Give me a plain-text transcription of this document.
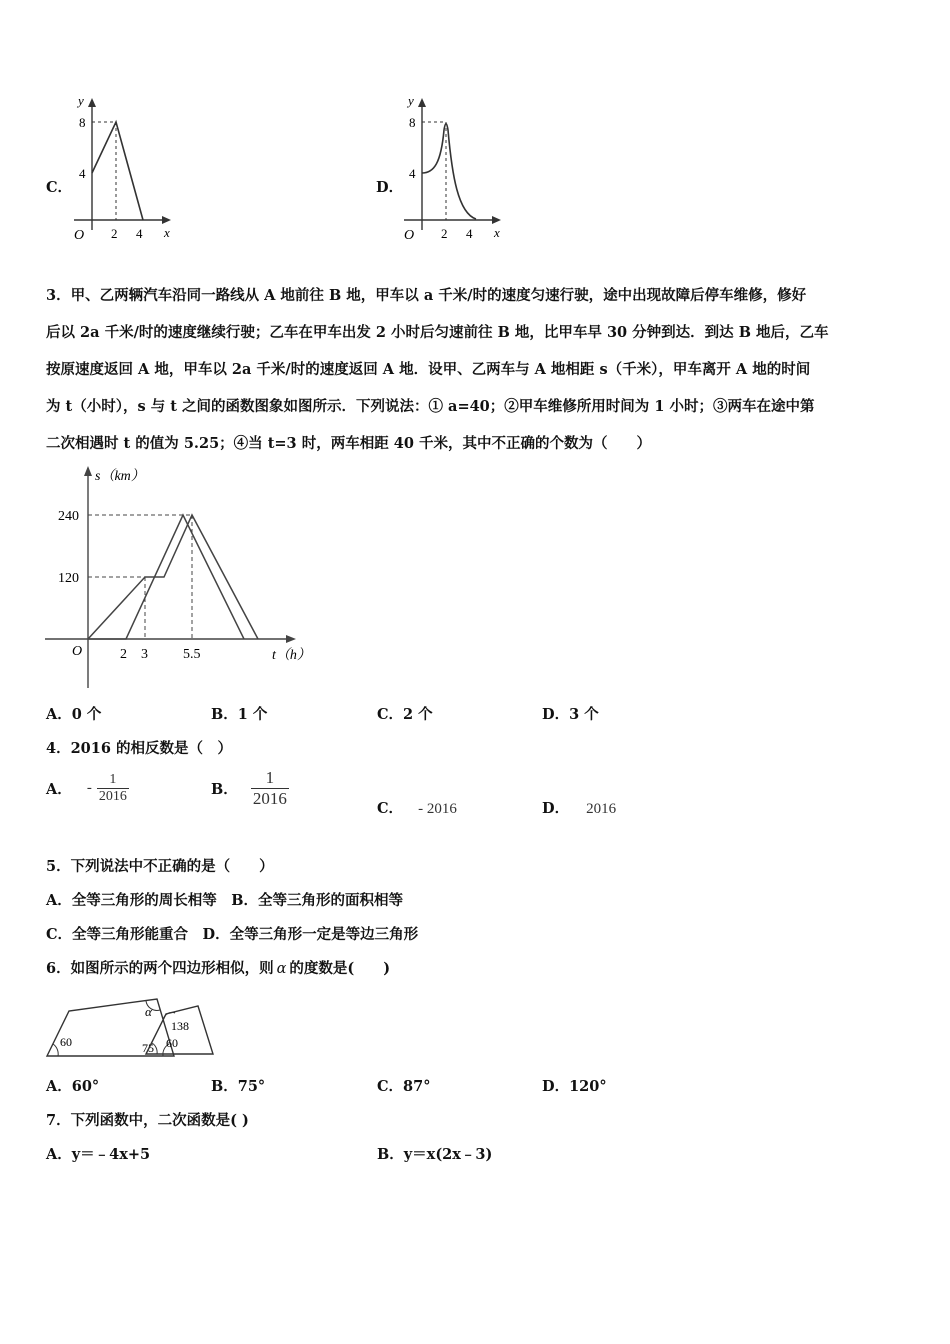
C．
y
x
O
8
4
2 4
D．
y
x
O
8
4
2 4
3．甲、乙两辆汽车沿同一路线从 A 地前往 B 地，甲车以 a 千米/时的速度匀速行驶，途中出现故障后停车维修，修好
后以 2a 千米/时的速度继续行驶；乙车在甲车出发 2 小时后匀速前往 B 地，比甲车早 30 分钟到达．到达 B 地后，乙车
按原速度返回 A 地，甲车以 2a 千米/时的速度返回 A 地．设甲、乙两车与 A 地相距 s（千米），甲车离开 A 地的时间
为 t（小时），s 与 t 之间的函数图象如图所示．下列说法：① a=40；②甲车维修所用时间为 1 小时；③两车在途中第
二次相遇时 t 的值为 5.25；④当 t=3 时，两车相距 40 千米，其中不正确的个数为（　　）
s（km）
t（h）
O
240
120
2 3	5.5
A．0 个	B．1 个	C．2 个	D．3 个
4．2016 的相反数是（　）
A． - $\frac{1}{2016}$	B． $\frac{1}{2016}$	C． - 2016	D． 2016
5．下列说法中不正确的是（　　）
A．全等三角形的周长相等　B．全等三角形的面积相等
C．全等三角形能重合　D．全等三角形一定是等边三角形
6．如图所示的两个四边形相似，则 α 的度数是(　　)
α
60	75
138
60
A．60°	B．75°	C．87°	D．120°
7．下列函数中，二次函数是( )
A．y＝﹣4x+5	B．y＝x(2x﹣3)
